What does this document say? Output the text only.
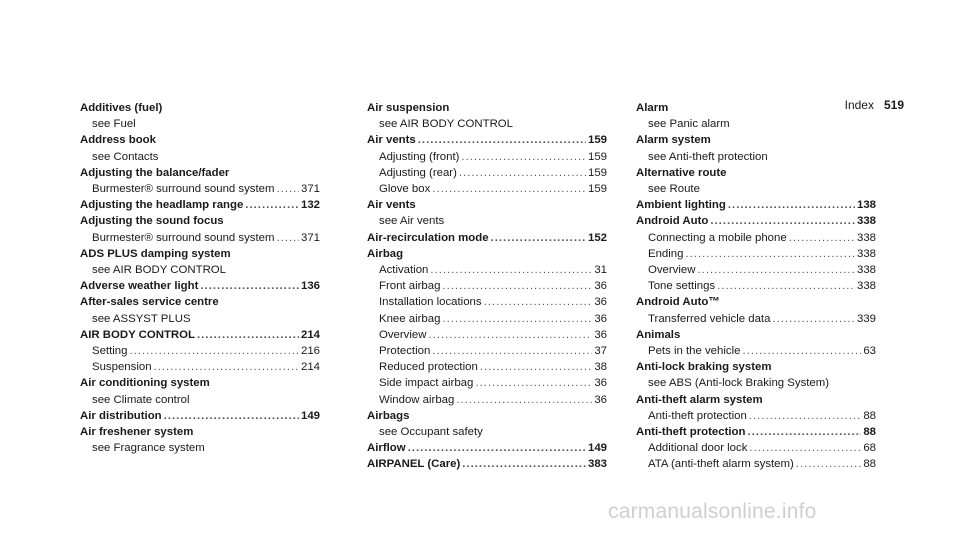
Index 519
Additives (fuel)
see Fuel
Address book
see Contacts
Adjusting the balance/fader
Burmester® surround sound system ..... 371
Adjusting the headlamp range .....	132
Adjusting the sound focus
Burmester® surround sound system ..... 371
ADS PLUS damping system
see AIR BODY CONTROL
Adverse weather light .....	136
After-sales service centre
see ASSYST PLUS
AIR BODY CONTROL .....	214
Setting .....	216
Suspension .....	214
Air conditioning system
see Climate control
Air distribution .....	149
Air freshener system
see Fragrance system
Air suspension
see AIR BODY CONTROL
Air vents .....	159
Adjusting (front) .....	159
Adjusting (rear) .....	159
Glove box .....	159
Air vents
see Air vents
Air-recirculation mode .....	152
Airbag
Activation .....	31
Front airbag .....	36
Installation locations .....	36
Knee airbag .....	36
Overview .....	36
Protection .....	37
Reduced protection .....	38
Side impact airbag .....	36
Window airbag .....	36
Airbags
see Occupant safety
Airflow .....	149
AIRPANEL (Care) .....	383
Alarm
see Panic alarm
Alarm system
see Anti-theft protection
Alternative route
see Route
Ambient lighting .....	138
Android Auto .....	338
Connecting a mobile phone .....	338
Ending .....	338
Overview .....	338
Tone settings .....	338
Android Auto™
Transferred vehicle data .....	339
Animals
Pets in the vehicle .....	63
Anti-lock braking system
see ABS (Anti-lock Braking System)
Anti-theft alarm system
Anti-theft protection .....	88
Anti-theft protection .....	88
Additional door lock .....	68
ATA (anti-theft alarm system) .....	88
carmanualsonline.info
